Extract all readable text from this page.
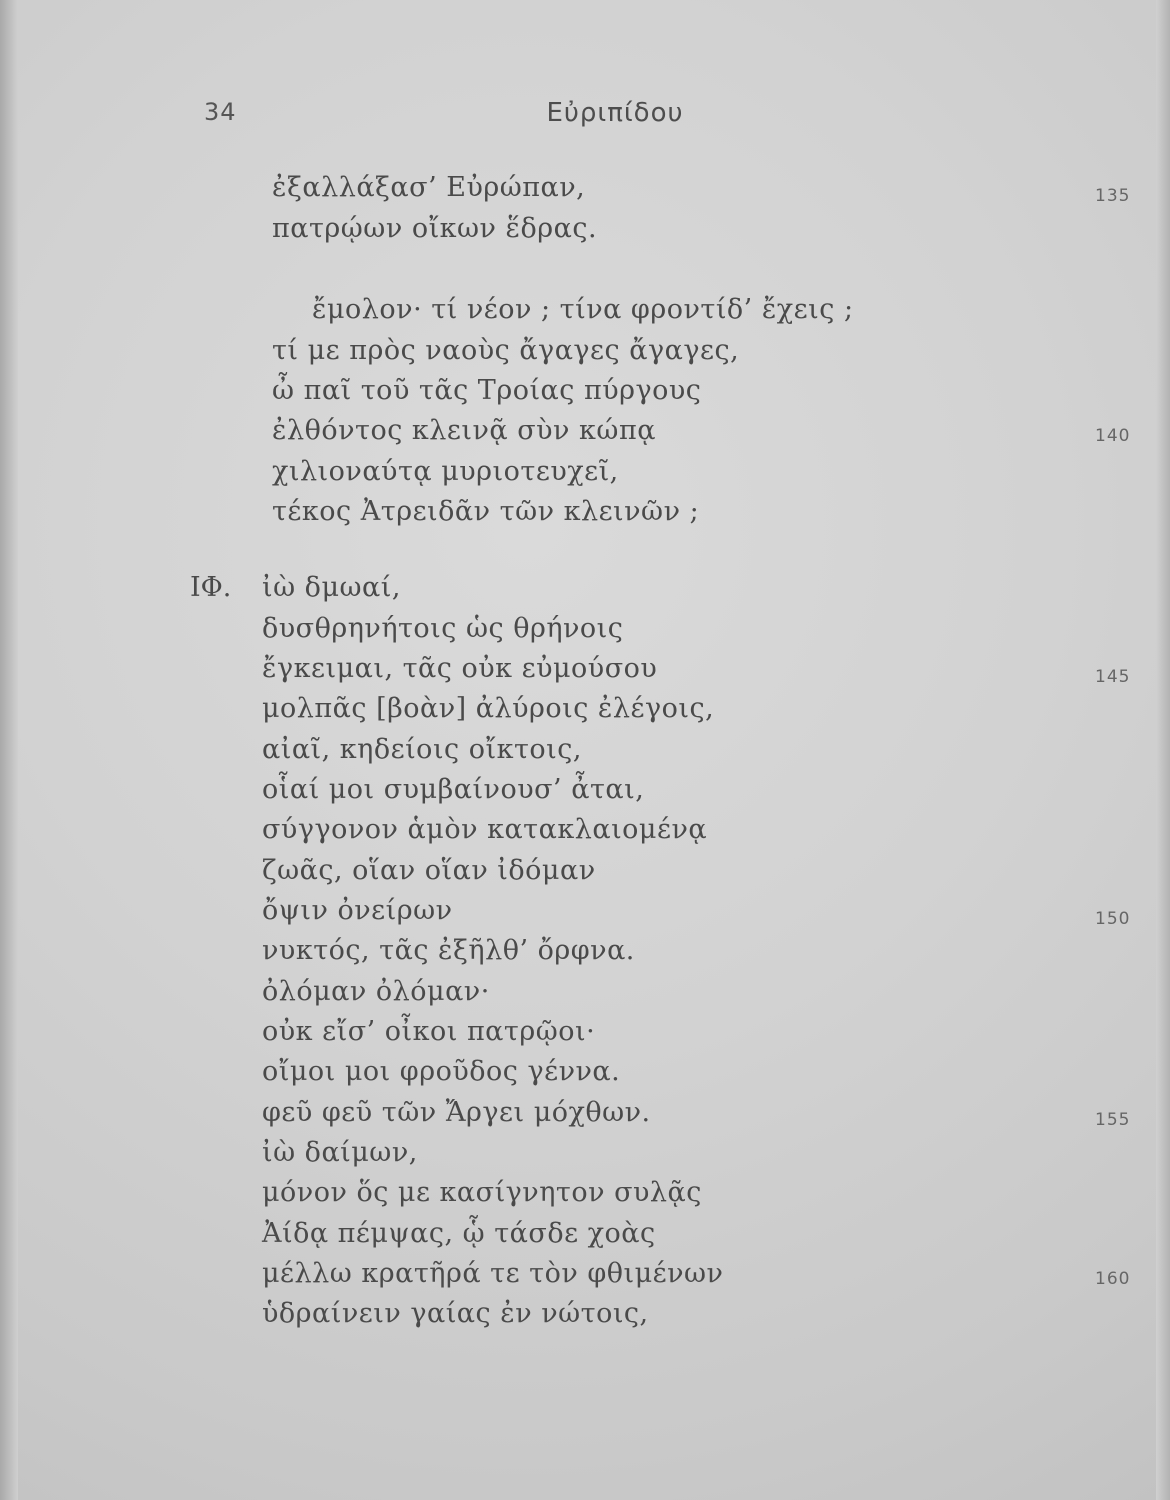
34	Εὐριπίδου
ἐξαλλάξασ’ Εὐρώπαν,
πατρῴων οἴκων ἕδρας.
ἔμολον· τί νέον ; τίνα φροντίδ’ ἔχεις ;
τί με πρὸς ναοὺς ἄγαγες ἄγαγες,
ὦ παῖ τοῦ τᾶς Τροίας πύργους
ἐλθόντος κλεινᾷ σὺν κώπᾳ
χιλιοναύτᾳ μυριοτευχεῖ,
τέκος Ἀτρειδᾶν τῶν κλεινῶν ;
ΙΦ. ἰὼ δμωαί,
δυσθρηνήτοις ὡς θρήνοις
ἔγκειμαι, τᾶς οὐκ εὐμούσου
μολπᾶς [βοὰν] ἀλύροις ἐλέγοις,
αἰαῖ, κηδείοις οἴκτοις,
οἷαί μοι συμβαίνουσ’ ἆται,
σύγγονον ἁμὸν κατακλαιομένᾳ
ζωᾶς, οἵαν οἵαν ἰδόμαν
ὄψιν ὀνείρων
νυκτός, τᾶς ἐξῆλθ’ ὄρφνα.
ὀλόμαν ὀλόμαν·
οὐκ εἴσ’ οἶκοι πατρῷοι·
οἴμοι μοι φροῦδος γέννα.
φεῦ φεῦ τῶν Ἄργει μόχθων.
ἰὼ δαίμων,
μόνον ὅς με κασίγνητον συλᾷς
Ἀίδᾳ πέμψας, ᾧ τάσδε χοὰς
μέλλω κρατῆρά τε τὸν φθιμένων
ὑδραίνειν γαίας ἐν νώτοις,
135
140
145
150
155
160
